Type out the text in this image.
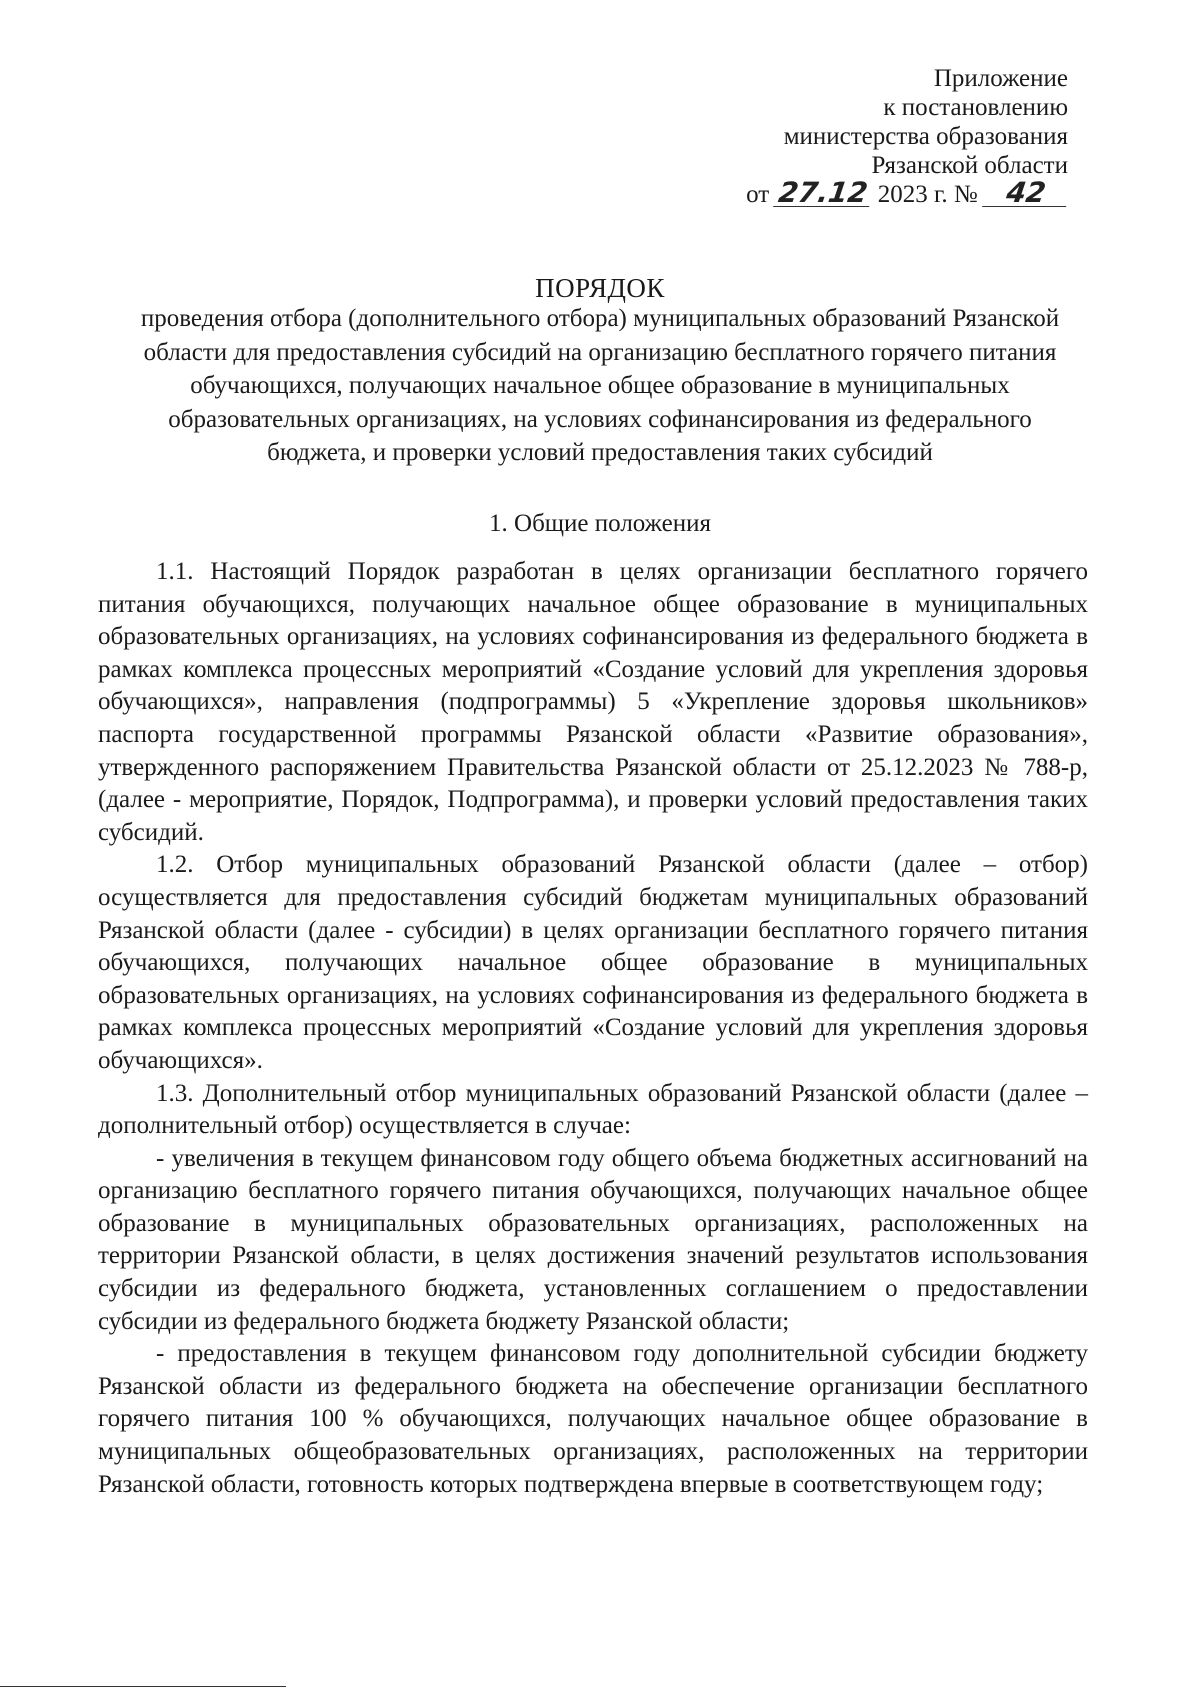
Приложение
к постановлению
министерства образования
Рязанской области
от 27.12 2023 г. № 42
ПОРЯДОК
проведения отбора (дополнительного отбора) муниципальных образований Рязанской области для предоставления субсидий на организацию бесплатного горячего питания обучающихся, получающих начальное общее образование в муниципальных образовательных организациях, на условиях софинансирования из федерального бюджета, и проверки условий предоставления таких субсидий
1. Общие положения

1.1. Настоящий Порядок разработан в целях организации бесплатного горячего питания обучающихся, получающих начальное общее образование в муниципальных образовательных организациях, на условиях софинансирования из федерального бюджета в рамках комплекса процессных мероприятий «Создание условий для укрепления здоровья обучающихся», направления (подпрограммы) 5 «Укрепление здоровья школьников» паспорта государственной программы Рязанской области «Развитие образования», утвержденного распоряжением Правительства Рязанской области от 25.12.2023 № 788-р, (далее - мероприятие, Порядок, Подпрограмма), и проверки условий предоставления таких субсидий.

1.2. Отбор муниципальных образований Рязанской области (далее – отбор) осуществляется для предоставления субсидий бюджетам муниципальных образований Рязанской области (далее - субсидии) в целях организации бесплатного горячего питания обучающихся, получающих начальное общее образование в муниципальных образовательных организациях, на условиях софинансирования из федерального бюджета в рамках комплекса процессных мероприятий «Создание условий для укрепления здоровья обучающихся».

1.3. Дополнительный отбор муниципальных образований Рязанской области (далее – дополнительный отбор) осуществляется в случае:

- увеличения в текущем финансовом году общего объема бюджетных ассигнований на организацию бесплатного горячего питания обучающихся, получающих начальное общее образование в муниципальных образовательных организациях, расположенных на территории Рязанской области, в целях достижения значений результатов использования субсидии из федерального бюджета, установленных соглашением о предоставлении субсидии из федерального бюджета бюджету Рязанской области;

- предоставления в текущем финансовом году дополнительной субсидии бюджету Рязанской области из федерального бюджета на обеспечение организации бесплатного горячего питания 100 % обучающихся, получающих начальное общее образование в муниципальных общеобразовательных организациях, расположенных на территории Рязанской области, готовность которых подтверждена впервые в соответствующем году;
